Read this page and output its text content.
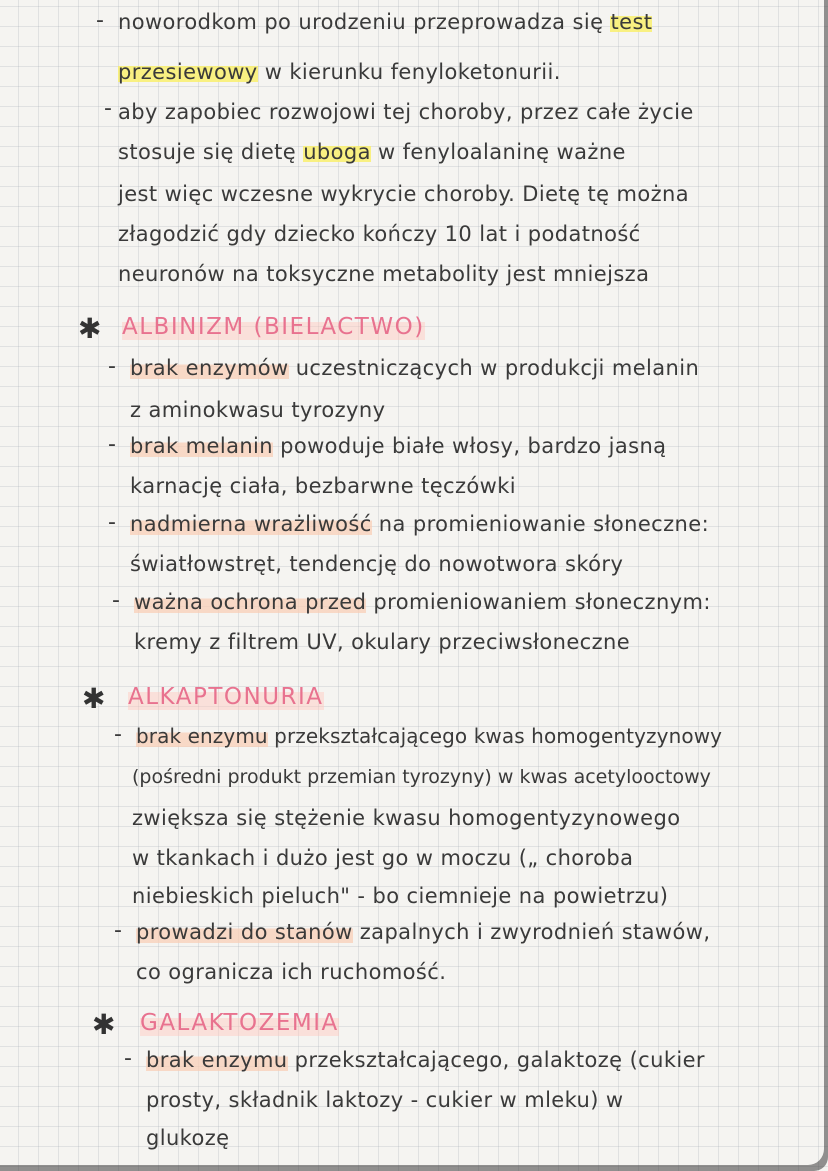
- noworodkom po urodzeniu przeprowadza się test
przesiewowy w kierunku fenyloketonurii.
- aby zapobiec rozwojowi tej choroby, przez całe życie
stosuje się dietę uboga w fenyloalaninę ważne
jest więc wczesne wykrycie choroby. Dietę tę można
złagodzić gdy dziecko kończy 10 lat i podatność
neuronów na toksyczne metabolity jest mniejsza
✱ ALBINIZM (BIELACTWO)
- brak enzymów uczestniczących w produkcji melanin
z aminokwasu tyrozyny
- brak melanin powoduje białe włosy, bardzo jasną
karnację ciała, bezbarwne tęczówki
- nadmierna wrażliwość na promieniowanie słoneczne:
światłowstręt, tendencję do nowotwora skóry
- ważna ochrona przed promieniowaniem słonecznym:
kremy z filtrem UV, okulary przeciwsłoneczne
✱ ALKAPTONURIA
- brak enzymu przekształcającego kwas homogentyzynowy
(pośredni produkt przemian tyrozyny) w kwas acetylooctowy
zwiększa się stężenie kwasu homogentyzynowego
w tkankach i dużo jest go w moczu („ choroba
niebieskich pieluch" - bo ciemnieje na powietrzu)
- prowadzi do stanów zapalnych i zwyrodnień stawów,
co ogranicza ich ruchomość.
✱ GALAKTOZEMIA
- brak enzymu przekształcającego, galaktozę (cukier
prosty, składnik laktozy - cukier w mleku) w
glukozę
